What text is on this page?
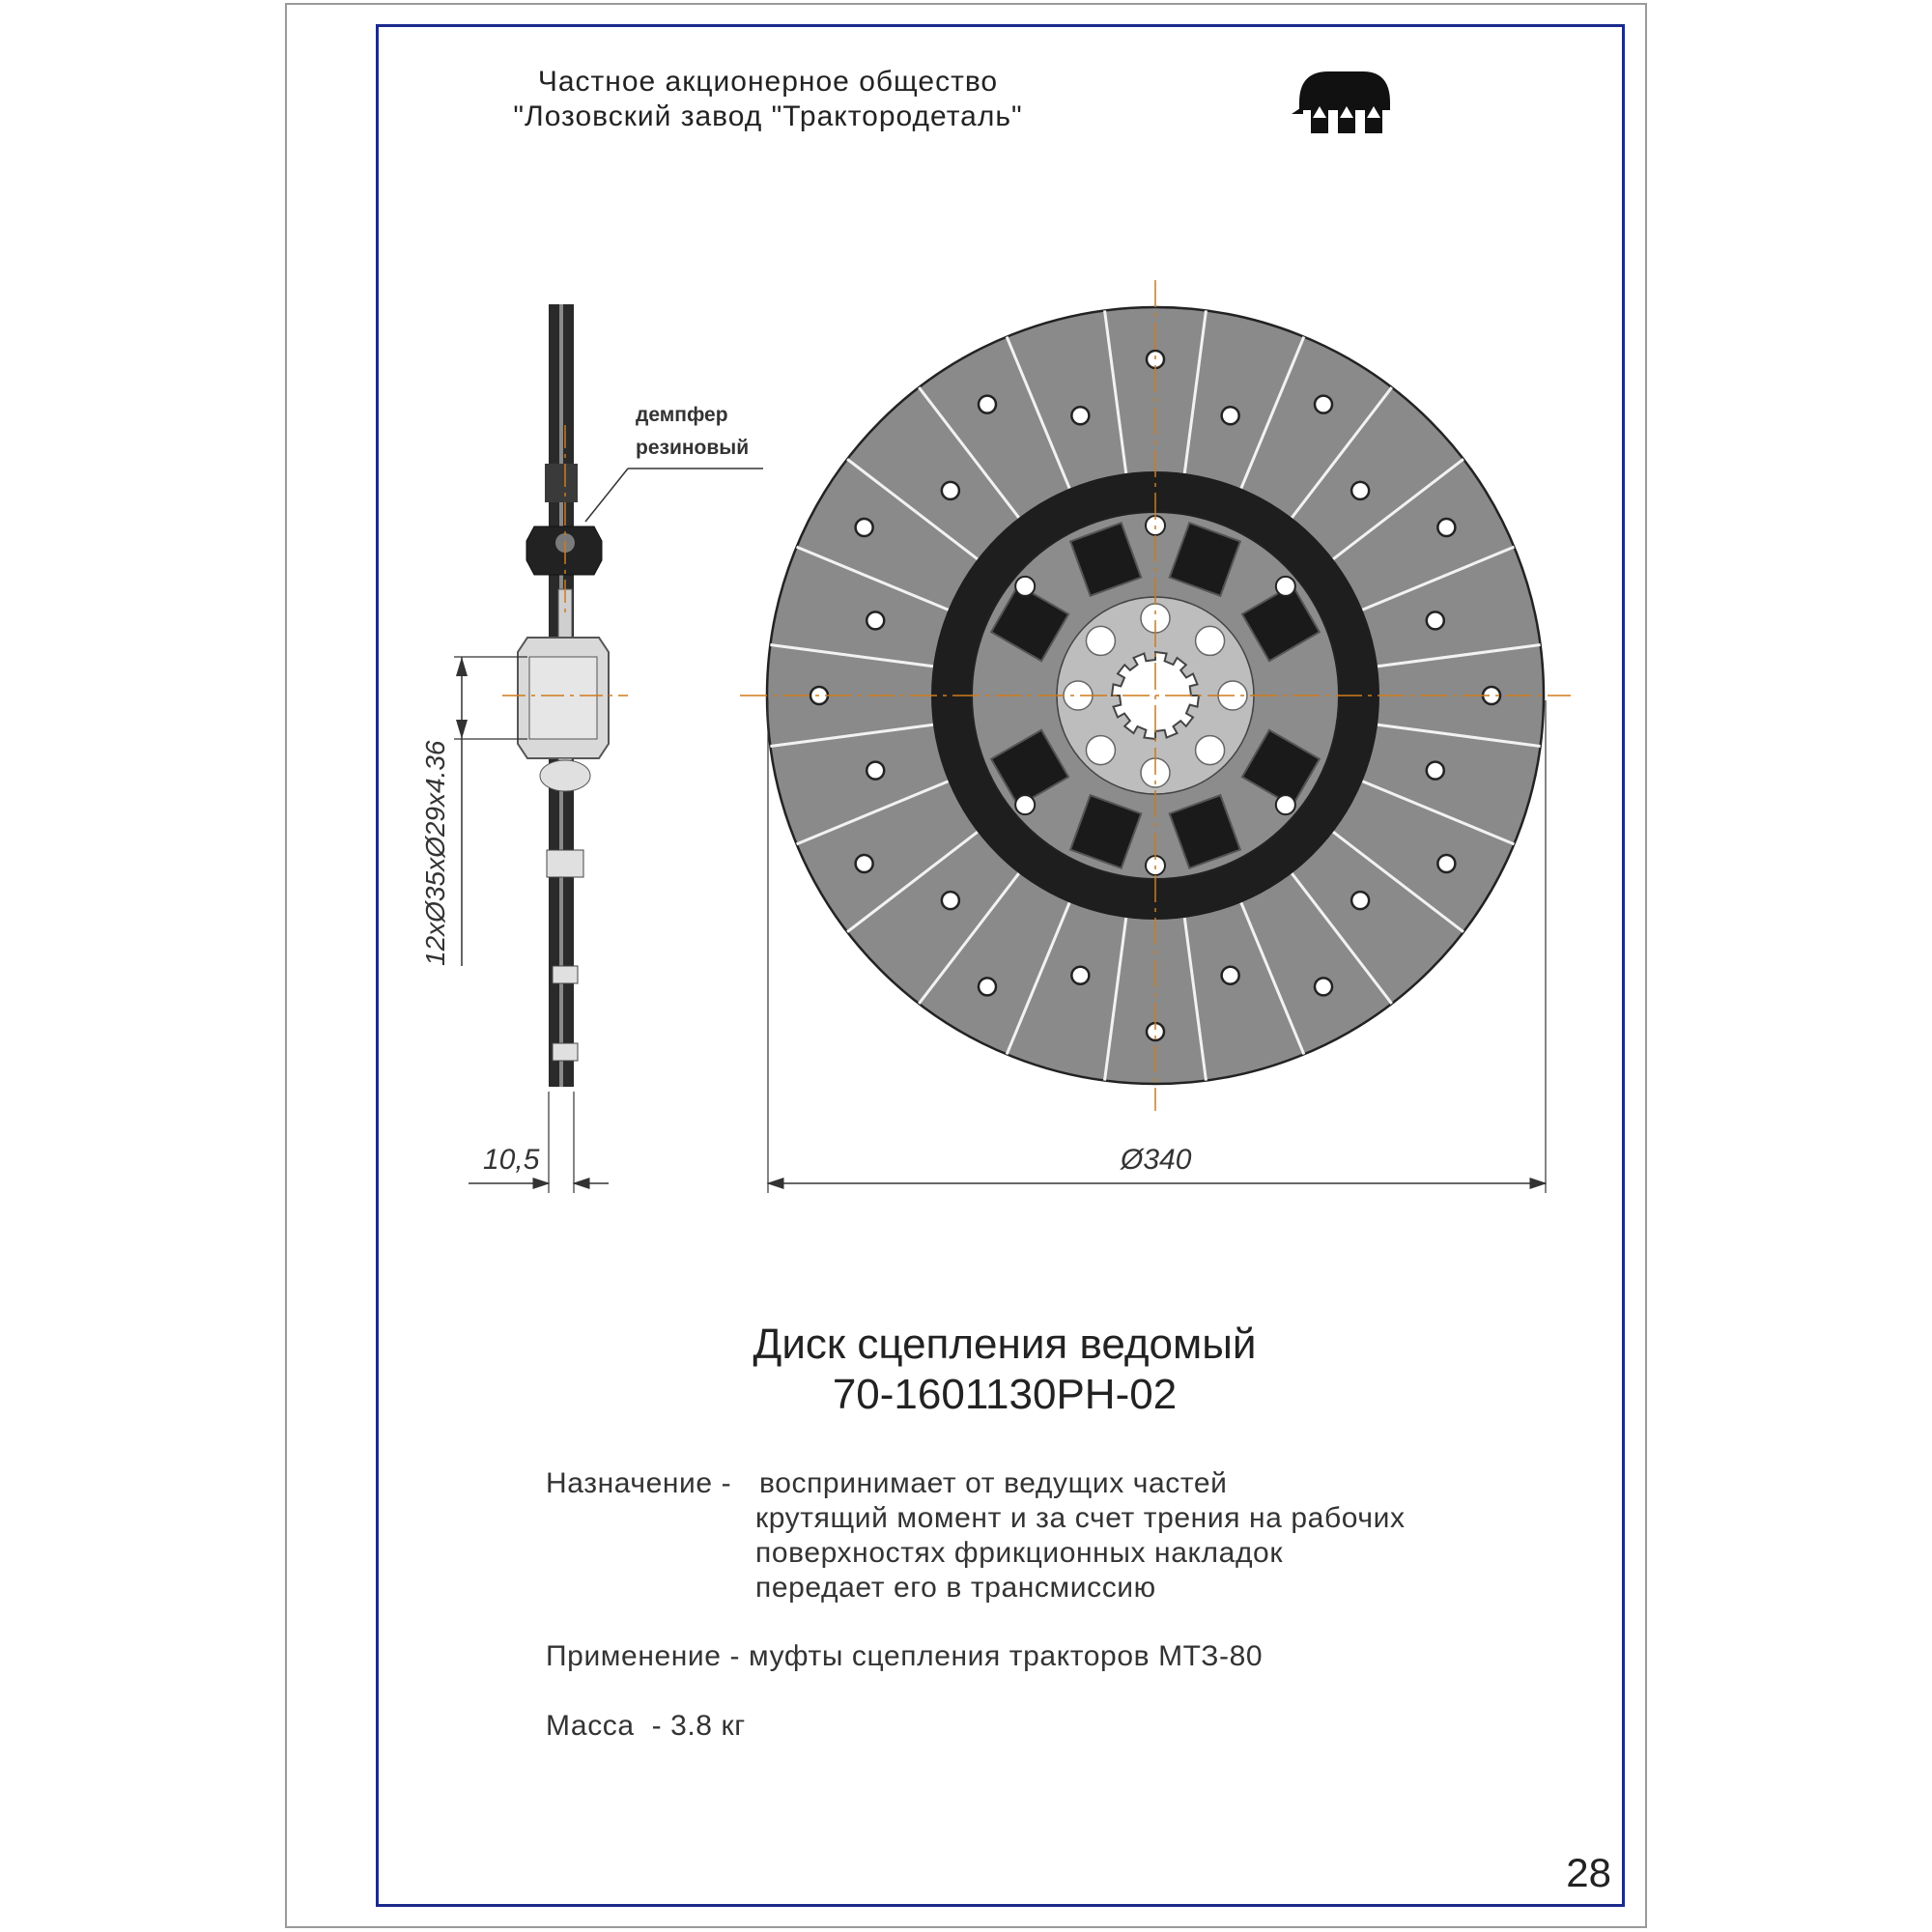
Частное акционерное общество
"Лозовский завод "Трактородеталь"
10,5	Ø340
12xØ35xØ29x4.36
демпфер
резиновый
Диск сцепления ведомый
70-1601130РН-02
Назначение - воспринимает от ведущих частей
крутящий момент и за счет трения на рабочих
поверхностях фрикционных накладок
передает его в трансмиссию
Применение - муфты сцепления тракторов МТЗ-80
Масса  - 3.8 кг
28
